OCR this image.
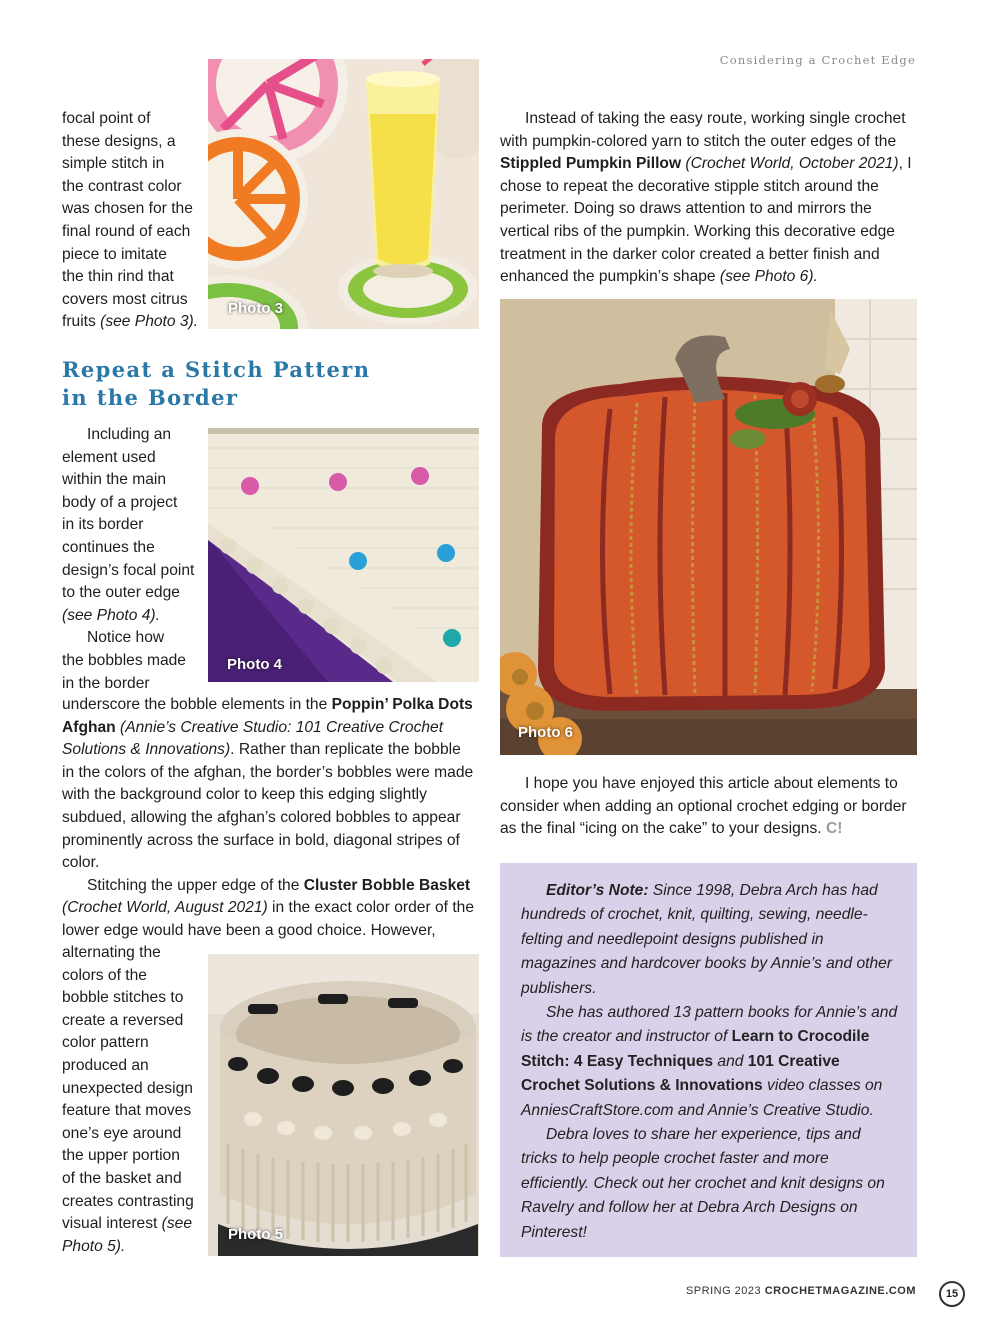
Considering a Crochet Edge
focal point of
these designs, a
simple stitch in
the contrast color
was chosen for the
final round of each
piece to imitate
the thin rind that
covers most citrus
fruits (see Photo 3).
Photo 3
Repeat a Stitch Pattern
in the Border
Including an
element used
within the main
body of a project
in its border
continues the
design’s focal point
to the outer edge
(see Photo 4).
Notice how
the bobbles made
in the border
Photo 4

underscore the bobble elements in the Poppin’ Polka Dots Afghan (Annie’s Creative Studio: 101 Creative Crochet Solutions & Innovations). Rather than replicate the bobble in the colors of the afghan, the border’s bobbles were made with the background color to keep this edging slightly subdued, allowing the afghan’s colored bobbles to appear prominently across the surface in bold, diagonal stripes of color.

Stitching the upper edge of the Cluster Bobble Basket (Crochet World, August 2021) in the exact color order of the lower edge would have been a good choice. However,

alternating the
colors of the
bobble stitches to
create a reversed
color pattern
produced an
unexpected design
feature that moves
one’s eye around
the upper portion
of the basket and
creates contrasting
visual interest (see
Photo 5).
Photo 5

Instead of taking the easy route, working single crochet with pumpkin-colored yarn to stitch the outer edges of the Stippled Pumpkin Pillow (Crochet World, October 2021), I chose to repeat the decorative stipple stitch around the perimeter. Doing so draws attention to and mirrors the vertical ribs of the pumpkin. Working this decorative edge treatment in the darker color created a better finish and enhanced the pumpkin’s shape (see Photo 6).

Photo 6

I hope you have enjoyed this article about elements to consider when adding an optional crochet edging or border as the final “icing on the cake” to your designs. C!

Editor’s Note: Since 1998, Debra Arch has had hundreds of crochet, knit, quilting, sewing, needle-felting and needlepoint designs published in magazines and hardcover books by Annie’s and other publishers.

She has authored 13 pattern books for Annie’s and is the creator and instructor of Learn to Crocodile Stitch: 4 Easy Techniques and 101 Creative Crochet Solutions & Innovations video classes on AnniesCraftStore.com and Annie’s Creative Studio.

Debra loves to share her experience, tips and tricks to help people crochet faster and more efficiently. Check out her crochet and knit designs on Ravelry and follow her at Debra Arch Designs on Pinterest!

SPRING 2023 CROCHETMAGAZINE.COM	15
